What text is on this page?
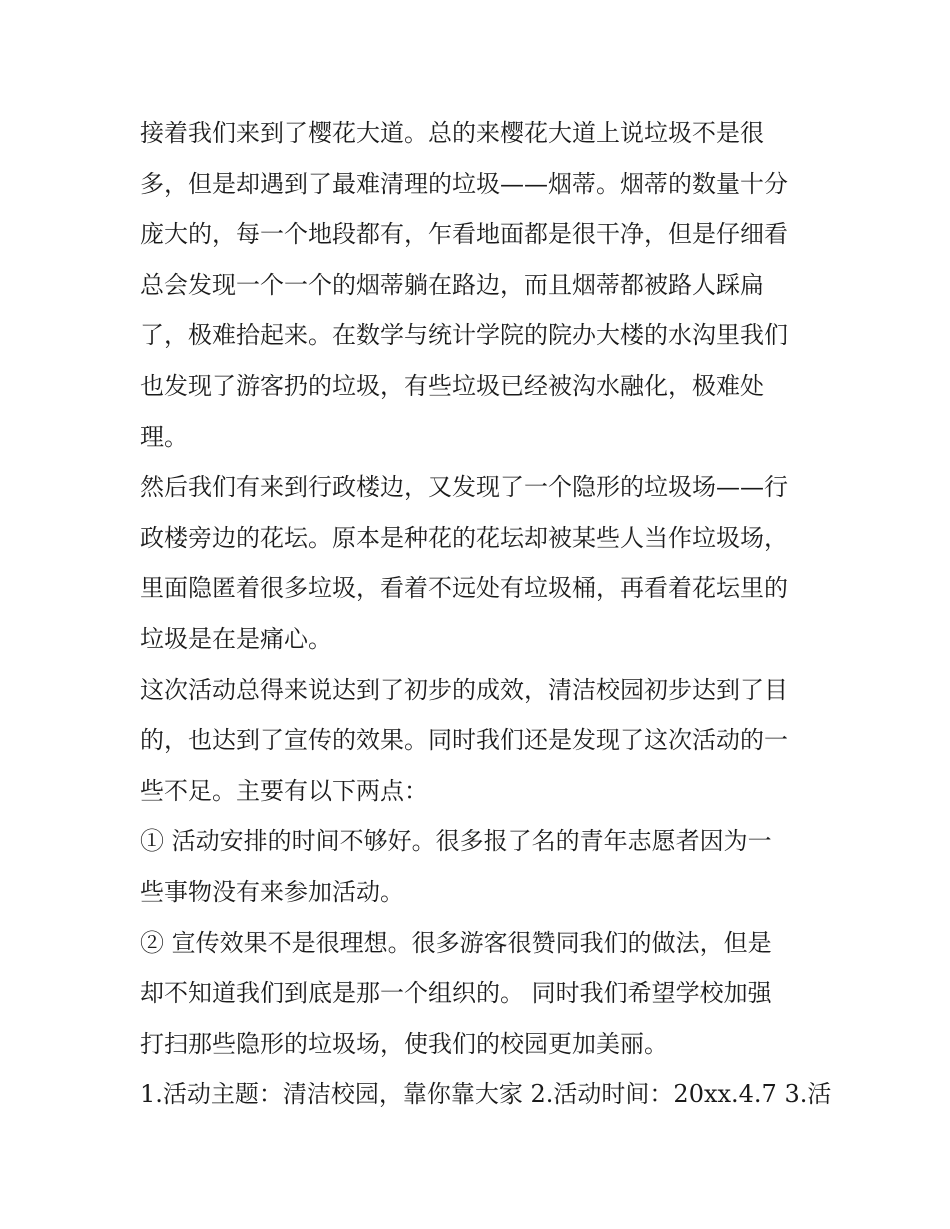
接着我们来到了樱花大道。总的来樱花大道上说垃圾不是很
多，但是却遇到了最难清理的垃圾——烟蒂。烟蒂的数量十分
庞大的，每一个地段都有，乍看地面都是很干净，但是仔细看
总会发现一个一个的烟蒂躺在路边，而且烟蒂都被路人踩扁
了，极难拾起来。在数学与统计学院的院办大楼的水沟里我们
也发现了游客扔的垃圾，有些垃圾已经被沟水融化，极难处
理。
然后我们有来到行政楼边，又发现了一个隐形的垃圾场——行
政楼旁边的花坛。原本是种花的花坛却被某些人当作垃圾场，
里面隐匿着很多垃圾，看着不远处有垃圾桶，再看着花坛里的
垃圾是在是痛心。
这次活动总得来说达到了初步的成效，清洁校园初步达到了目
的，也达到了宣传的效果。同时我们还是发现了这次活动的一
些不足。主要有以下两点：
① 活动安排的时间不够好。很多报了名的青年志愿者因为一
些事物没有来参加活动。
② 宣传效果不是很理想。很多游客很赞同我们的做法，但是
却不知道我们到底是那一个组织的。 同时我们希望学校加强
打扫那些隐形的垃圾场，使我们的校园更加美丽。
1.活动主题：清洁校园，靠你靠大家 2.活动时间：20xx.4.7 3.活
